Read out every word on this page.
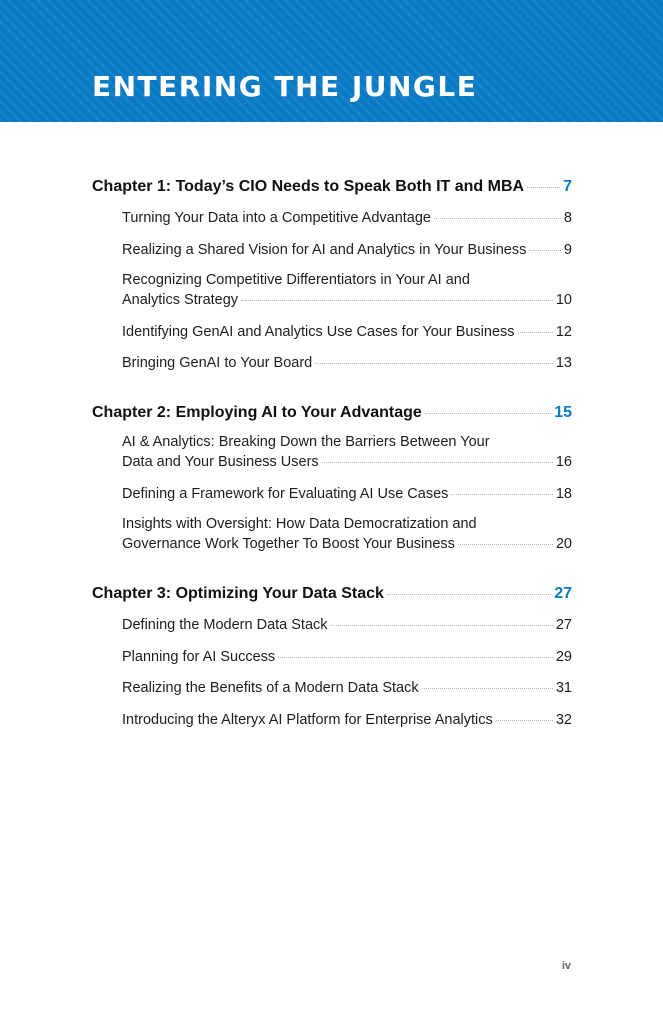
ENTERING THE JUNGLE
Chapter 1: Today’s CIO Needs to Speak Both IT and MBA 7
Turning Your Data into a Competitive Advantage	8
Realizing a Shared Vision for AI and Analytics in Your Business	9
Recognizing Competitive Differentiators in Your AI and
Analytics Strategy	10
Identifying GenAI and Analytics Use Cases for Your Business	12
Bringing GenAI to Your Board	13
Chapter 2: Employing AI to Your Advantage	15
AI & Analytics: Breaking Down the Barriers Between Your
Data and Your Business Users	16
Defining a Framework for Evaluating AI Use Cases	18
Insights with Oversight: How Data Democratization and
Governance Work Together To Boost Your Business	20
Chapter 3: Optimizing Your Data Stack	27
Defining the Modern Data Stack	27
Planning for AI Success	29
Realizing the Benefits of a Modern Data Stack	31
Introducing the Alteryx AI Platform for Enterprise Analytics	32
iv
